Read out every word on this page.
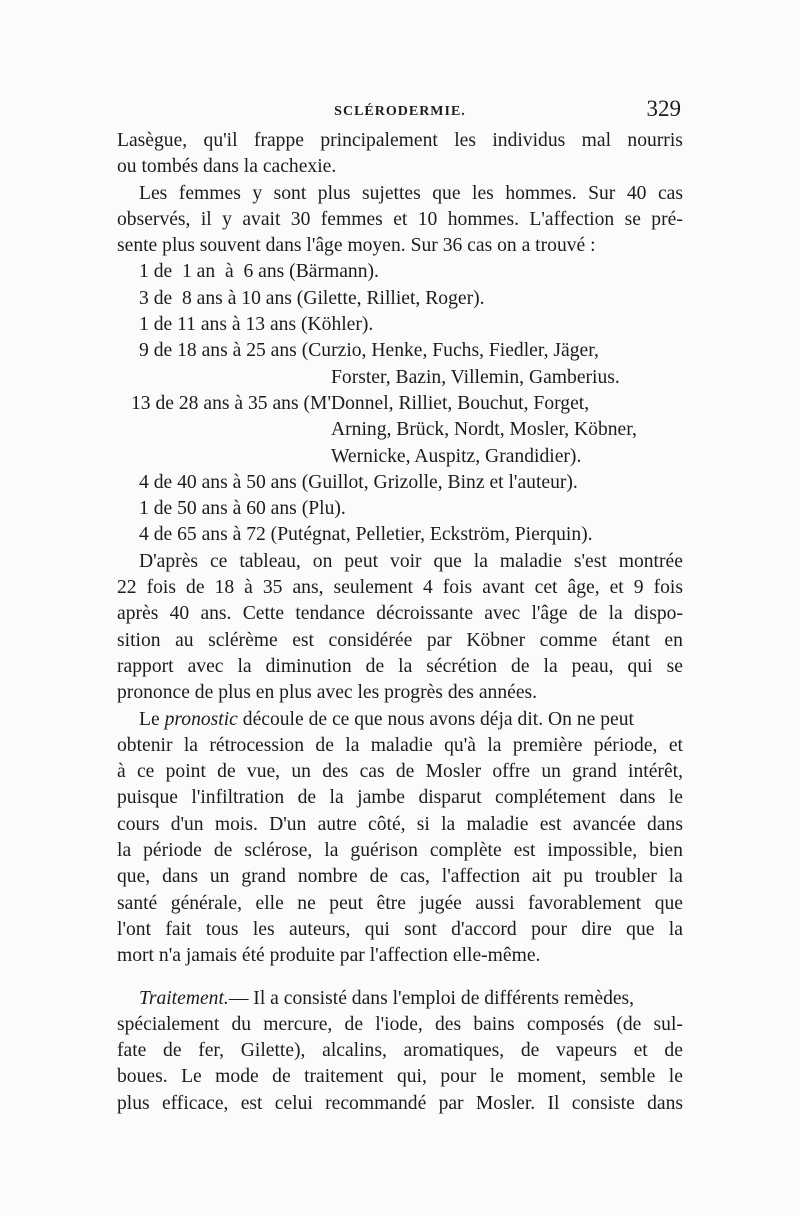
SCLÉRODERMIE.	329
Lasègue, qu'il frappe principalement les individus mal nourris
ou tombés dans la cachexie.
Les femmes y sont plus sujettes que les hommes. Sur 40 cas
observés, il y avait 30 femmes et 10 hommes. L'affection se pré-
sente plus souvent dans l'âge moyen. Sur 36 cas on a trouvé :
1 de  1 an  à  6 ans (Bärmann).
3 de  8 ans à 10 ans (Gilette, Rilliet, Roger).
1 de 11 ans à 13 ans (Köhler).
9 de 18 ans à 25 ans (Curzio, Henke, Fuchs, Fiedler, Jäger,
Forster, Bazin, Villemin, Gamberius.
13 de 28 ans à 35 ans (M'Donnel, Rilliet, Bouchut, Forget,
Arning, Brück, Nordt, Mosler, Köbner,
Wernicke, Auspitz, Grandidier).
4 de 40 ans à 50 ans (Guillot, Grizolle, Binz et l'auteur).
1 de 50 ans à 60 ans (Plu).
4 de 65 ans à 72 (Putégnat, Pelletier, Eckström, Pierquin).
D'après ce tableau, on peut voir que la maladie s'est montrée
22 fois de 18 à 35 ans, seulement 4 fois avant cet âge, et 9 fois
après 40 ans. Cette tendance décroissante avec l'âge de la dispo-
sition au sclérème est considérée par Köbner comme étant en
rapport avec la diminution de la sécrétion de la peau, qui se
prononce de plus en plus avec les progrès des années.
Le pronostic découle de ce que nous avons déja dit. On ne peut
obtenir la rétrocession de la maladie qu'à la première période, et
à ce point de vue, un des cas de Mosler offre un grand intérêt,
puisque l'infiltration de la jambe disparut complétement dans le
cours d'un mois. D'un autre côté, si la maladie est avancée dans
la période de sclérose, la guérison complète est impossible, bien
que, dans un grand nombre de cas, l'affection ait pu troubler la
santé générale, elle ne peut être jugée aussi favorablement que
l'ont fait tous les auteurs, qui sont d'accord pour dire que la
mort n'a jamais été produite par l'affection elle-même.
Traitement.— Il a consisté dans l'emploi de différents remèdes,
spécialement du mercure, de l'iode, des bains composés (de sul-
fate de fer, Gilette), alcalins, aromatiques, de vapeurs et de
boues. Le mode de traitement qui, pour le moment, semble le
plus efficace, est celui recommandé par Mosler. Il consiste dans
